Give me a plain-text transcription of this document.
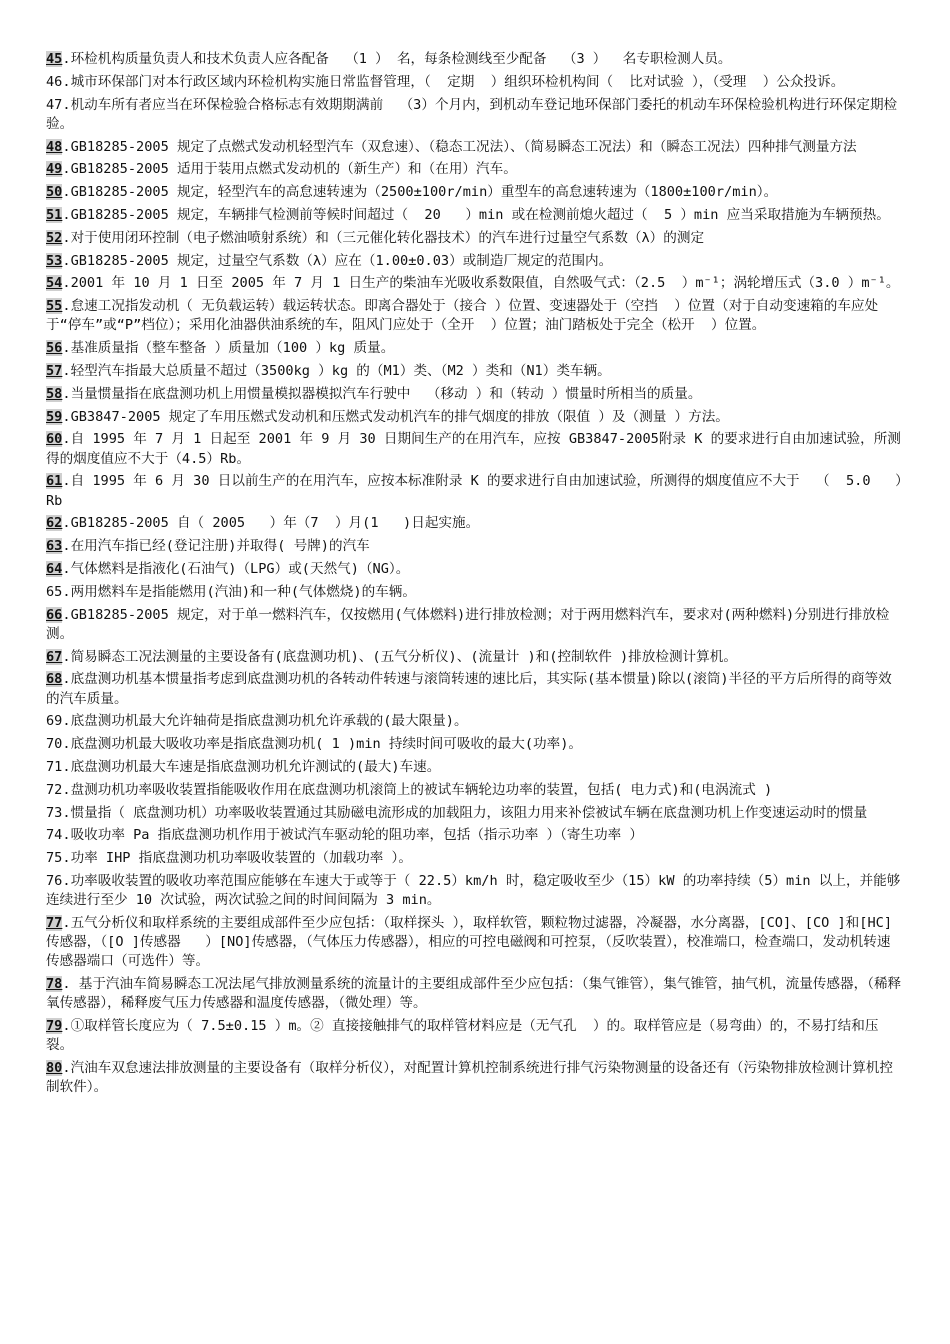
45.环检机构质量负责人和技术负责人应各配备  （1 ） 名，每条检测线至少配备  （3 ）  名专职检测人员。
46.城市环保部门对本行政区域内环检机构实施日常监督管理，（  定期  ）组织环检机构间（  比对试验 ），（受理  ）公众投诉。
47.机动车所有者应当在环保检验合格标志有效期期满前  （3）个月内，到机动车登记地环保部门委托的机动车环保检验机构进行环保定期检验。
48.GB18285-2005 规定了点燃式发动机轻型汽车（双怠速）、（稳态工况法）、（简易瞬态工况法）和（瞬态工况法）四种排气测量方法
49.GB18285-2005 适用于装用点燃式发动机的（新生产）和（在用）汽车。
50.GB18285-2005 规定，轻型汽车的高怠速转速为（2500±100r/min）重型车的高怠速转速为（1800±100r/min）。
51.GB18285-2005 规定，车辆排气检测前等候时间超过（  20   ）min 或在检测前熄火超过（  5 ）min 应当采取措施为车辆预热。
52.对于使用闭环控制（电子燃油喷射系统）和（三元催化转化器技术）的汽车进行过量空气系数（λ）的测定
53.GB18285-2005 规定，过量空气系数（λ）应在（1.00±0.03）或制造厂规定的范围内。
54.2001 年 10 月 1 日至 2005 年 7 月 1 日生产的柴油车光吸收系数限值，自然吸气式：（2.5  ）m⁻¹；涡轮增压式（3.0 ）m⁻¹。
55.怠速工况指发动机（ 无负载运转）载运转状态。即离合器处于（接合 ）位置、变速器处于（空挡  ）位置（对于自动变速箱的车应处于“停车”或“P”档位）；采用化油器供油系统的车，阻风门应处于（全开  ）位置；油门踏板处于完全（松开  ）位置。
56.基准质量指（整车整备 ）质量加（100 ）kg 质量。
57.轻型汽车指最大总质量不超过（3500kg ）kg 的（M1）类、（M2 ）类和（N1）类车辆。
58.当量惯量指在底盘测功机上用惯量模拟器模拟汽车行驶中  （移动 ）和（转动 ）惯量时所相当的质量。
59.GB3847-2005 规定了车用压燃式发动机和压燃式发动机汽车的排气烟度的排放（限值 ）及（测量 ）方法。
60.自 1995 年 7 月 1 日起至 2001 年 9 月 30 日期间生产的在用汽车，应按 GB3847-2005附录 K 的要求进行自由加速试验，所测得的烟度值应不大于（4.5）Rb。
61.自 1995 年 6 月 30 日以前生产的在用汽车，应按本标准附录 K 的要求进行自由加速试验，所测得的烟度值应不大于  （  5.0   ）Rb
62.GB18285-2005 自（ 2005   ）年（7  ）月(1   )日起实施。
63.在用汽车指已经(登记注册)并取得( 号牌)的汽车
64.气体燃料是指液化(石油气)（LPG）或(天然气)（NG）。
65.两用燃料车是指能燃用(汽油)和一种(气体燃烧)的车辆。
66.GB18285-2005 规定，对于单一燃料汽车，仅按燃用(气体燃料)进行排放检测；对于两用燃料汽车，要求对(两种燃料)分别进行排放检测。
67.简易瞬态工况法测量的主要设备有(底盘测功机)、(五气分析仪)、(流量计 )和(控制软件 )排放检测计算机。
68.底盘测功机基本惯量指考虑到底盘测功机的各转动件转速与滚筒转速的速比后，其实际(基本惯量)除以(滚筒)半径的平方后所得的商等效的汽车质量。
69.底盘测功机最大允许轴荷是指底盘测功机允许承载的(最大限量)。
70.底盘测功机最大吸收功率是指底盘测功机( 1 )min 持续时间可吸收的最大(功率)。
71.底盘测功机最大车速是指底盘测功机允许测试的(最大)车速。
72.盘测功机功率吸收装置指能吸收作用在底盘测功机滚筒上的被试车辆轮边功率的装置，包括( 电力式)和(电涡流式 )
73.惯量指（ 底盘测功机）功率吸收装置通过其励磁电流形成的加载阻力，该阻力用来补偿被试车辆在底盘测功机上作变速运动时的惯量
74.吸收功率 Pa 指底盘测功机作用于被试汽车驱动轮的阻功率，包括（指示功率 ）（寄生功率 ）
75.功率 IHP 指底盘测功机功率吸收装置的（加载功率 ）。
76.功率吸收装置的吸收功率范围应能够在车速大于或等于（ 22.5）km/h 时，稳定吸收至少（15）kW 的功率持续（5）min 以上，并能够连续进行至少 10 次试验，两次试验之间的时间间隔为 3 min。
77.五气分析仪和取样系统的主要组成部件至少应包括：（取样探头 ），取样软管，颗粒物过滤器，冷凝器，水分离器，[CO]、[CO ]和[HC]传感器，（[O ]传感器   ）[NO]传感器，（气体压力传感器），相应的可控电磁阀和可控泵，（反吹装置），校准端口，检查端口，发动机转速传感器端口（可选件）等。
78. 基于汽油车简易瞬态工况法尾气排放测量系统的流量计的主要组成部件至少应包括：（集气锥管），集气锥管，抽气机，流量传感器，（稀释氧传感器），稀释废气压力传感器和温度传感器，（微处理）等。
79.①取样管长度应为（ 7.5±0.15 ）m。② 直接接触排气的取样管材料应是（无气孔  ）的。取样管应是（易弯曲）的，不易打结和压裂。
80.汽油车双怠速法排放测量的主要设备有（取样分析仪），对配置计算机控制系统进行排气污染物测量的设备还有（污染物排放检测计算机控制软件）。
